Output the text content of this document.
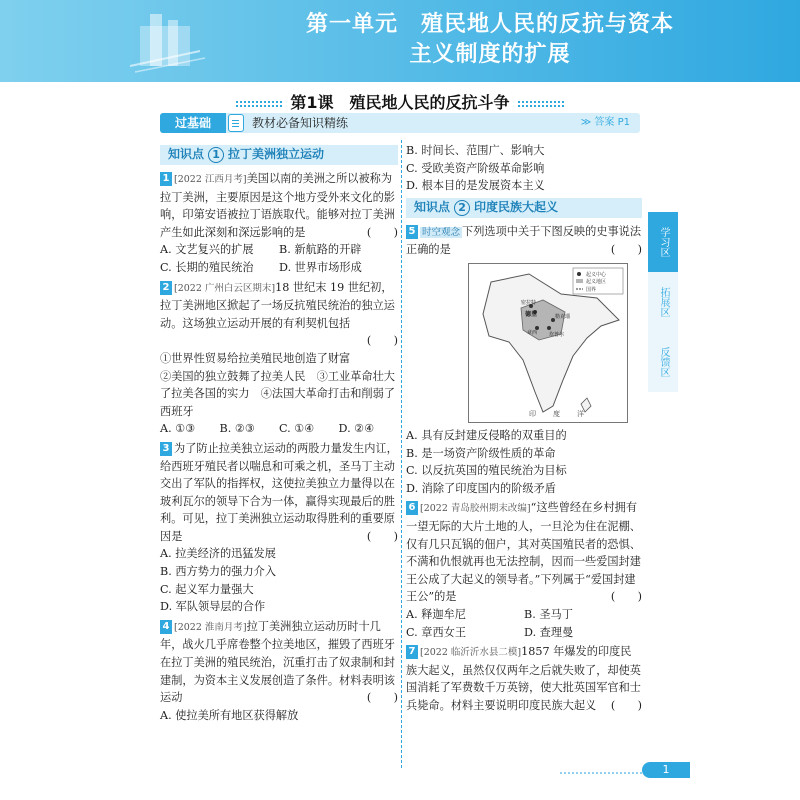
第一单元　殖民地人民的反抗与资本
主义制度的扩展
第1课　殖民地人民的反抗斗争
过基础	教材必备知识精练	≫ 答案 P1
知识点 1 拉丁美洲独立运动
1 [2022 江西月考]美国以南的美洲之所以被称为拉丁美洲，主要原因是这个地方受外来文化的影响，印第安语被拉丁语族取代。能够对拉丁美洲产生如此深刻和深远影响的是	(　　)
A. 文艺复兴的扩展	B. 新航路的开辟
C. 长期的殖民统治	D. 世界市场形成
2 [2022 广州白云区期末]18 世纪末 19 世纪初，拉丁美洲地区掀起了一场反抗殖民统治的独立运动。这场独立运动开展的有利契机包括
(　　)
①世界性贸易给拉美殖民地创造了财富
②美国的独立鼓舞了拉美人民　③工业革命壮大了拉美各国的实力　④法国大革命打击和削弱了西班牙
A. ①③	B. ②③	C. ①④	D. ②④
3 为了防止拉美独立运动的两股力量发生内讧，给西班牙殖民者以喘息和可乘之机，圣马丁主动交出了军队的指挥权，这使拉美独立力量得以在玻利瓦尔的领导下合为一体，赢得实现最后的胜利。可见，拉丁美洲独立运动取得胜利的重要原因是	(　　)
A. 拉美经济的迅猛发展
B. 西方势力的强力介入
C. 起义军力量强大
D. 军队领导层的合作
4 [2022 淮南月考]拉丁美洲独立运动历时十几年，战火几乎席卷整个拉美地区，摧毁了西班牙在拉丁美洲的殖民统治，沉重打击了奴隶制和封建制，为资本主义发展创造了条件。材料表明该运动	(　　)
A. 使拉美所有地区获得解放
B. 时间长、范围广、影响大
C. 受欧美资产阶级革命影响
D. 根本目的是发展资本主义
知识点 2 印度民族大起义
5 时空观念 下列选项中关于下图反映的史事说法正确的是	(　　)
起义中心
起义地区
国界
密拉特
德里	勒克瑙
章西 坎普尔
印 度 洋
A. 具有反封建反侵略的双重目的
B. 是一场资产阶级性质的革命
C. 以反抗英国的殖民统治为目标
D. 消除了印度国内的阶级矛盾
6 [2022 青岛胶州期末改编]“这些曾经在乡村拥有一望无际的大片土地的人，一旦沦为住在泥棚、仅有几只瓦锅的佃户，其对英国殖民者的恐惧、不满和仇恨就再也无法控制，因而一些爱国封建王公成了大起义的领导者。”下列属于“爱国封建王公”的是	(　　)
A. 释迦牟尼	B. 圣马丁
C. 章西女王	D. 查理曼
7 [2022 临沂沂水县二模]1857 年爆发的印度民族大起义，虽然仅仅两年之后就失败了，却使英国消耗了军费数千万英镑，使大批英国军官和士兵毙命。材料主要说明印度民族大起义 (　　)
学习区
拓展区
反馈区
1
